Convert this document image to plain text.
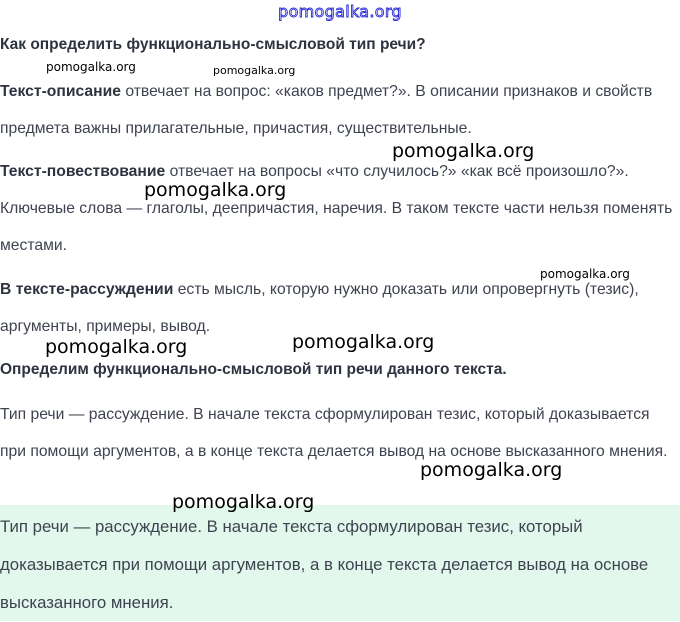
pomogalka.org
Как определить функционально-смысловой тип речи?
Текст-описание отвечает на вопрос: «каков предмет?». В описании признаков и свойств предмета важны прилагательные, причастия, существительные.
Текст-повествование отвечает на вопросы «что случилось?» «как всё произошло?». Ключевые слова — глаголы, деепричастия, наречия. В таком тексте части нельзя поменять местами.
В тексте-рассуждении есть мысль, которую нужно доказать или опровергнуть (тезис), аргументы, примеры, вывод.
Определим функционально-смысловой тип речи данного текста.
Тип речи — рассуждение. В начале текста сформулирован тезис, который доказывается при помощи аргументов, а в конце текста делается вывод на основе высказанного мнения.
Тип речи — рассуждение. В начале текста сформулирован тезис, который доказывается при помощи аргументов, а в конце текста делается вывод на основе высказанного мнения.
pomogalka.org	pomogalka.org
pomogalka.org
pomogalka.org
pomogalka.org
pomogalka.org	pomogalka.org
pomogalka.org
pomogalka.org
